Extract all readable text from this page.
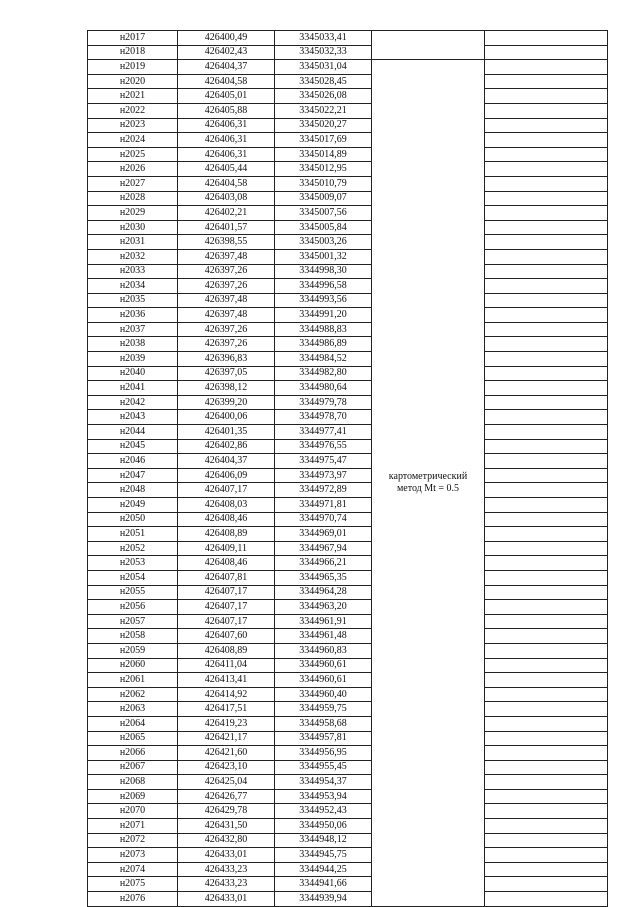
н2017	426400,49	3345033,41		
н2018	426402,43	3345032,33		
н2019	426404,37	3345031,04	картометрический
метод Mt = 0.5	

н2020	426404,58	3345028,45		
н2021	426405,01	3345026,08		
н2022	426405,88	3345022,21		
н2023	426406,31	3345020,27		
н2024	426406,31	3345017,69		
н2025	426406,31	3345014,89		
н2026	426405,44	3345012,95		
н2027	426404,58	3345010,79		
н2028	426403,08	3345009,07		
н2029	426402,21	3345007,56		
н2030	426401,57	3345005,84		
н2031	426398,55	3345003,26		
н2032	426397,48	3345001,32		
н2033	426397,26	3344998,30		
н2034	426397,26	3344996,58		
н2035	426397,48	3344993,56		
н2036	426397,48	3344991,20		
н2037	426397,26	3344988,83		
н2038	426397,26	3344986,89		
н2039	426396,83	3344984,52		
н2040	426397,05	3344982,80		
н2041	426398,12	3344980,64		
н2042	426399,20	3344979,78		
н2043	426400,06	3344978,70		
н2044	426401,35	3344977,41		
н2045	426402,86	3344976,55		
н2046	426404,37	3344975,47		
н2047	426406,09	3344973,97		
н2048	426407,17	3344972,89		
н2049	426408,03	3344971,81		
н2050	426408,46	3344970,74		
н2051	426408,89	3344969,01		
н2052	426409,11	3344967,94		
н2053	426408,46	3344966,21		
н2054	426407,81	3344965,35		
н2055	426407,17	3344964,28		
н2056	426407,17	3344963,20		
н2057	426407,17	3344961,91		
н2058	426407,60	3344961,48		
н2059	426408,89	3344960,83		
н2060	426411,04	3344960,61		
н2061	426413,41	3344960,61		
н2062	426414,92	3344960,40		
н2063	426417,51	3344959,75		
н2064	426419,23	3344958,68		
н2065	426421,17	3344957,81		
н2066	426421,60	3344956,95		
н2067	426423,10	3344955,45		
н2068	426425,04	3344954,37		
н2069	426426,77	3344953,94		
н2070	426429,78	3344952,43		
н2071	426431,50	3344950,06		
н2072	426432,80	3344948,12		
н2073	426433,01	3344945,75		
н2074	426433,23	3344944,25		
н2075	426433,23	3344941,66		
н2076	426433,01	3344939,94		
